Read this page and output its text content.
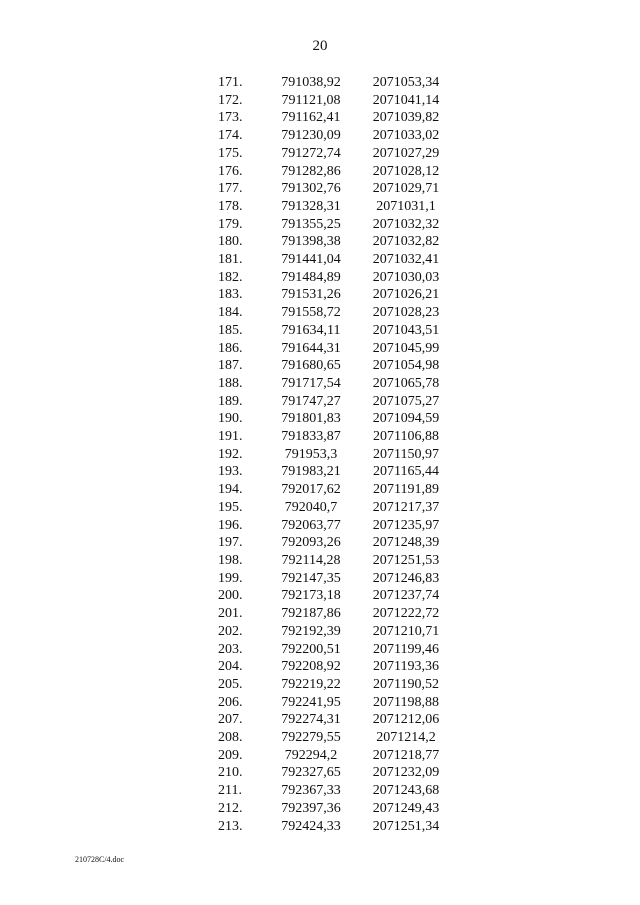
20
171.	791038,92	2071053,34
172.	791121,08	2071041,14
173.	791162,41	2071039,82
174.	791230,09	2071033,02
175.	791272,74	2071027,29
176.	791282,86	2071028,12
177.	791302,76	2071029,71
178.	791328,31	2071031,1
179.	791355,25	2071032,32
180.	791398,38	2071032,82
181.	791441,04	2071032,41
182.	791484,89	2071030,03
183.	791531,26	2071026,21
184.	791558,72	2071028,23
185.	791634,11	2071043,51
186.	791644,31	2071045,99
187.	791680,65	2071054,98
188.	791717,54	2071065,78
189.	791747,27	2071075,27
190.	791801,83	2071094,59
191.	791833,87	2071106,88
192.	791953,3	2071150,97
193.	791983,21	2071165,44
194.	792017,62	2071191,89
195.	792040,7	2071217,37
196.	792063,77	2071235,97
197.	792093,26	2071248,39
198.	792114,28	2071251,53
199.	792147,35	2071246,83
200.	792173,18	2071237,74
201.	792187,86	2071222,72
202.	792192,39	2071210,71
203.	792200,51	2071199,46
204.	792208,92	2071193,36
205.	792219,22	2071190,52
206.	792241,95	2071198,88
207.	792274,31	2071212,06
208.	792279,55	2071214,2
209.	792294,2	2071218,77
210.	792327,65	2071232,09
211.	792367,33	2071243,68
212.	792397,36	2071249,43
213.	792424,33	2071251,34
210728C/4.doc
